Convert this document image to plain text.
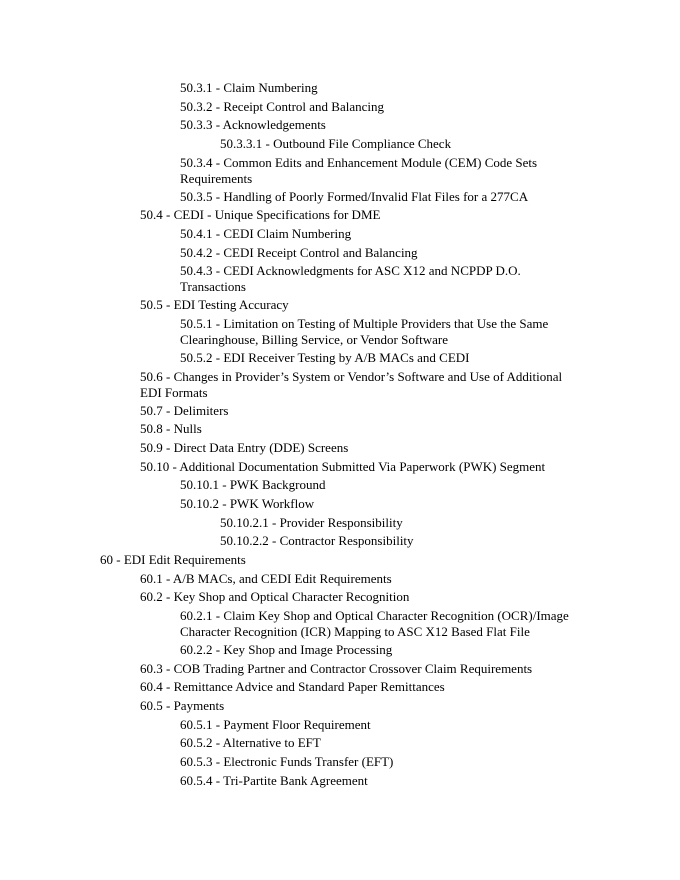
50.3.1 - Claim Numbering
50.3.2 - Receipt Control and Balancing
50.3.3 - Acknowledgements
50.3.3.1 - Outbound File Compliance Check
50.3.4 - Common Edits and Enhancement Module (CEM) Code Sets Requirements
50.3.5 - Handling of Poorly Formed/Invalid Flat Files for a 277CA
50.4 - CEDI - Unique Specifications for DME
50.4.1 - CEDI Claim Numbering
50.4.2 - CEDI Receipt Control and Balancing
50.4.3 - CEDI Acknowledgments for ASC X12 and NCPDP D.O. Transactions
50.5 - EDI Testing Accuracy
50.5.1 - Limitation on Testing of Multiple Providers that Use the Same Clearinghouse, Billing Service, or Vendor Software
50.5.2 - EDI Receiver Testing by A/B MACs and CEDI
50.6 - Changes in Provider’s System or Vendor’s Software and Use of Additional EDI Formats
50.7 - Delimiters
50.8 - Nulls
50.9 - Direct Data Entry (DDE) Screens
50.10 - Additional Documentation Submitted Via Paperwork (PWK) Segment
50.10.1 - PWK Background
50.10.2 - PWK Workflow
50.10.2.1 - Provider Responsibility
50.10.2.2 - Contractor Responsibility
60 - EDI Edit Requirements
60.1 - A/B MACs, and CEDI Edit Requirements
60.2 - Key Shop and Optical Character Recognition
60.2.1 - Claim Key Shop and Optical Character Recognition (OCR)/Image Character Recognition (ICR) Mapping to ASC X12 Based Flat File
60.2.2 - Key Shop and Image Processing
60.3 - COB Trading Partner and Contractor Crossover Claim Requirements
60.4 - Remittance Advice and Standard Paper Remittances
60.5 - Payments
60.5.1 - Payment Floor Requirement
60.5.2 - Alternative to EFT
60.5.3 - Electronic Funds Transfer (EFT)
60.5.4 - Tri-Partite Bank Agreement
